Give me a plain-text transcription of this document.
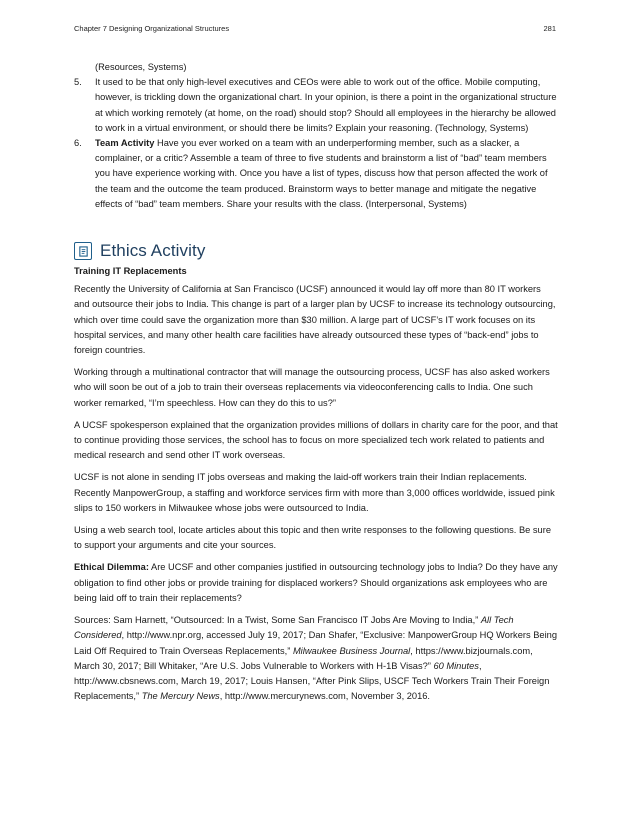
Chapter 7 Designing Organizational Structures	281

(Resources, Systems)

5.	It used to be that only high-level executives and CEOs were able to work out of the office. Mobile computing, however, is trickling down the organizational chart. In your opinion, is there a point in the organizational structure at which working remotely (at home, on the road) should stop? Should all employees in the hierarchy be allowed to work in a virtual environment, or should there be limits? Explain your reasoning. (Technology, Systems)
6.	Team Activity Have you ever worked on a team with an underperforming member, such as a slacker, a complainer, or a critic? Assemble a team of three to five students and brainstorm a list of “bad” team members you have experience working with. Once you have a list of types, discuss how that person affected the work of the team and the outcome the team produced. Brainstorm ways to better manage and mitigate the negative effects of “bad” team members. Share your results with the class. (Interpersonal, Systems)
Ethics Activity

Training IT Replacements

Recently the University of California at San Francisco (UCSF) announced it would lay off more than 80 IT workers and outsource their jobs to India. This change is part of a larger plan by UCSF to increase its technology outsourcing, which over time could save the organization more than $30 million. A large part of UCSF’s IT work focuses on its hospital services, and many other health care facilities have already outsourced these types of “back-end” jobs to foreign countries.

Working through a multinational contractor that will manage the outsourcing process, UCSF has also asked workers who will soon be out of a job to train their overseas replacements via videoconferencing calls to India. One such worker remarked, “I’m speechless. How can they do this to us?”

A UCSF spokesperson explained that the organization provides millions of dollars in charity care for the poor, and that to continue providing those services, the school has to focus on more specialized tech work related to patients and medical research and send other IT work overseas.

UCSF is not alone in sending IT jobs overseas and making the laid-off workers train their Indian replacements. Recently ManpowerGroup, a staffing and workforce services firm with more than 3,000 offices worldwide, issued pink slips to 150 workers in Milwaukee whose jobs were outsourced to India.

Using a web search tool, locate articles about this topic and then write responses to the following questions. Be sure to support your arguments and cite your sources.

Ethical Dilemma: Are UCSF and other companies justified in outsourcing technology jobs to India? Do they have any obligation to find other jobs or provide training for displaced workers? Should organizations ask employees who are being laid off to train their replacements?

Sources: Sam Harnett, “Outsourced: In a Twist, Some San Francisco IT Jobs Are Moving to India,” All Tech Considered, http://www.npr.org, accessed July 19, 2017; Dan Shafer, “Exclusive: ManpowerGroup HQ Workers Being Laid Off Required to Train Overseas Replacements,” Milwaukee Business Journal, https://www.bizjournals.com, March 30, 2017; Bill Whitaker, “Are U.S. Jobs Vulnerable to Workers with H-1B Visas?” 60 Minutes, http://www.cbsnews.com, March 19, 2017; Louis Hansen, “After Pink Slips, USCF Tech Workers Train Their Foreign Replacements,” The Mercury News, http://www.mercurynews.com, November 3, 2016.
